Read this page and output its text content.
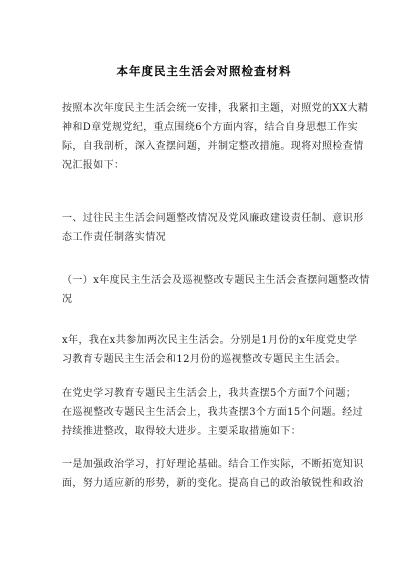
本年度民主生活会对照检查材料
按照本次年度民主生活会统一安排，我紧扣主题，对照党的XX大精
神和D章党规党纪，重点围绕6个方面内容，结合自身思想工作实
际，自我剖析，深入查摆问题，并制定整改措施。现将对照检查情
况汇报如下：
一、过往民主生活会问题整改情况及党风廉政建设责任制、意识形
态工作责任制落实情况
（一）x年度民主生活会及巡视整改专题民主生活会查摆问题整改情
况
x年，我在x共参加两次民主生活会。分别是1月份的x年度党史学
习教育专题民主生活会和12月份的巡视整改专题民主生活会。
在党史学习教育专题民主生活会上，我共查摆5个方面7个问题；
在巡视整改专题民主生活会上，我共查摆3个方面15个问题。经过
持续推进整改，取得较大进步。主要采取措施如下：
一是加强政治学习，打好理论基础。结合工作实际，不断拓宽知识
面，努力适应新的形势，新的变化。提高自己的政治敏锐性和政治
